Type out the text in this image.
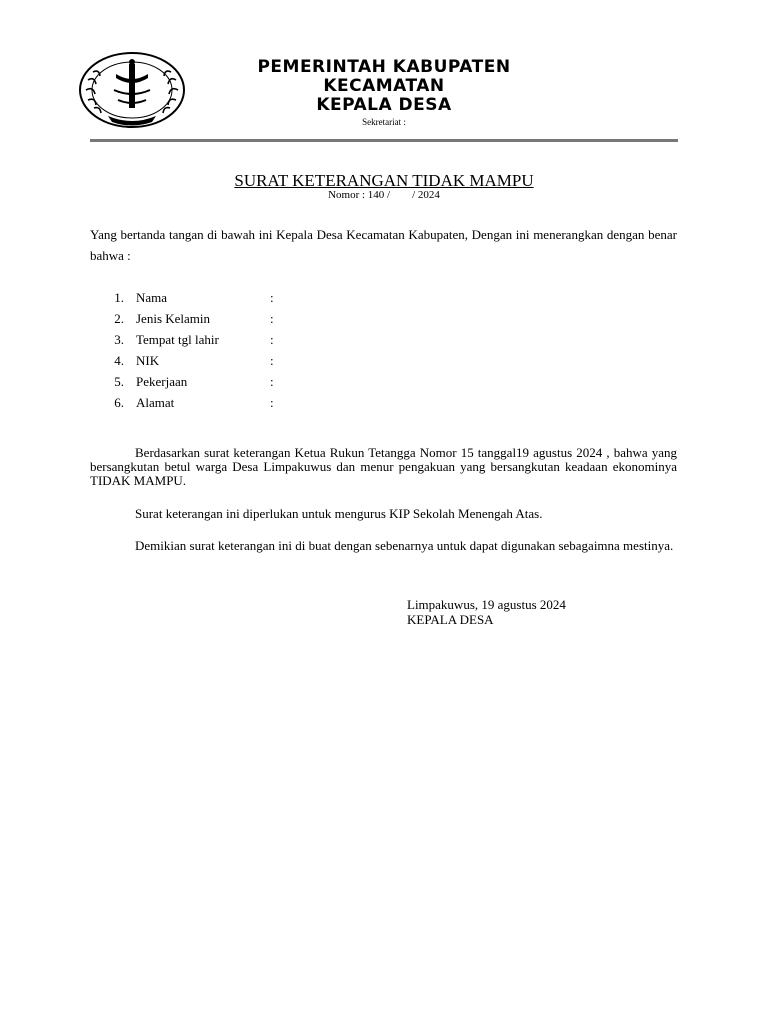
PEMERINTAH KABUPATEN
KECAMATAN
KEPALA DESA
Sekretariat :
SURAT KETERANGAN TIDAK MAMPU
Nomor : 140 /        / 2024
Yang bertanda tangan di bawah ini Kepala Desa Kecamatan Kabupaten, Dengan ini menerangkan dengan benar bahwa :
1. Nama	:
2. Jenis Kelamin	:
3. Tempat tgl lahir	:
4. NIK	:
5. Pekerjaan	:
6. Alamat	:
Berdasarkan surat keterangan Ketua Rukun Tetangga Nomor 15 tanggal19 agustus 2024 , bahwa yang bersangkutan betul warga Desa Limpakuwus dan menur pengakuan yang bersangkutan keadaan ekonominya TIDAK MAMPU.
Surat keterangan ini diperlukan untuk mengurus KIP Sekolah Menengah Atas.
Demikian surat keterangan ini di buat dengan sebenarnya untuk dapat digunakan sebagaimna mestinya.
Limpakuwus, 19 agustus 2024
KEPALA DESA
